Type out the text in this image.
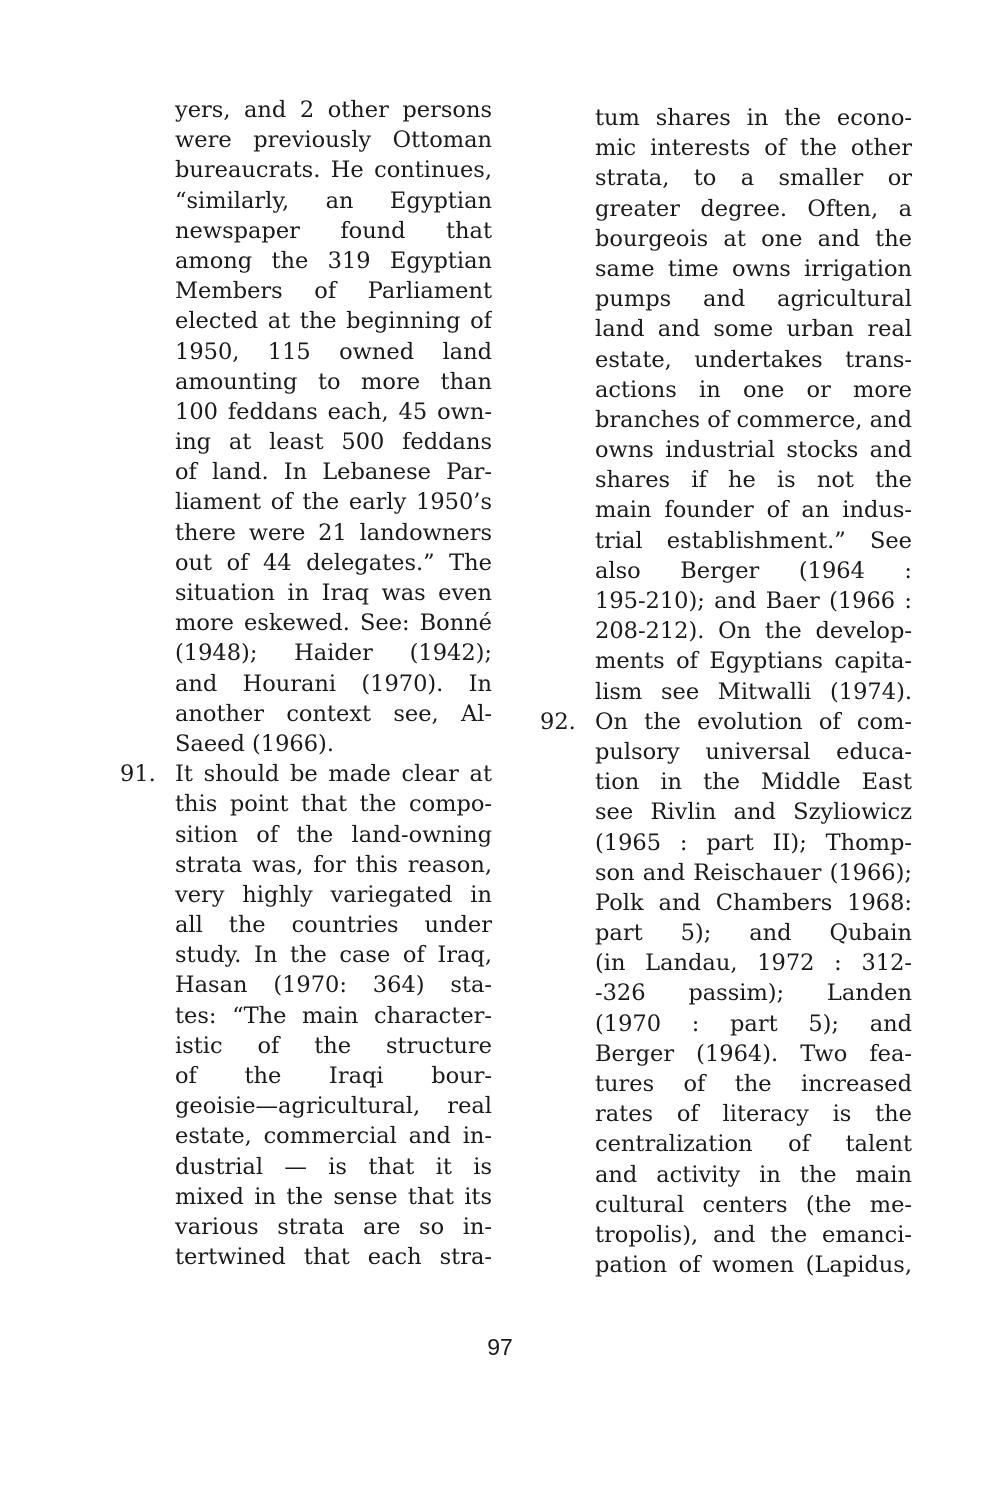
yers, and 2 other persons
were previously Ottoman
bureaucrats. He continues,
“similarly, an Egyptian
newspaper found that
among the 319 Egyptian
Members of Parliament
elected at the beginning of
1950, 115 owned land
amounting to more than
100 feddans each, 45 own-
ing at least 500 feddans
of land. In Lebanese Par-
liament of the early 1950’s
there were 21 landowners
out of 44 delegates.” The
situation in Iraq was even
more eskewed. See: Bonné
(1948); Haider (1942);
and Hourani (1970). In
another context see, Al-
Saeed (1966).
91. It should be made clear at
this point that the compo-
sition of the land-owning
strata was, for this reason,
very highly variegated in
all the countries under
study. In the case of Iraq,
Hasan (1970: 364) sta-
tes: “The main character-
istic of the structure
of the Iraqi bour-
geoisie—agricultural, real
estate, commercial and in-
dustrial — is that it is
mixed in the sense that its
various strata are so in-
tertwined that each stra-
tum shares in the econo-
mic interests of the other
strata, to a smaller or
greater degree. Often, a
bourgeois at one and the
same time owns irrigation
pumps and agricultural
land and some urban real
estate, undertakes trans-
actions in one or more
branches of commerce, and
owns industrial stocks and
shares if he is not the
main founder of an indus-
trial establishment.” See
also Berger (1964 :
195-210); and Baer (1966 :
208-212). On the develop-
ments of Egyptians capita-
lism see Mitwalli (1974).
92. On the evolution of com-
pulsory universal educa-
tion in the Middle East
see Rivlin and Szyliowicz
(1965 : part II); Thomp-
son and Reischauer (1966);
Polk and Chambers 1968:
part 5); and Qubain
(in Landau, 1972 : 312-
-326 passim); Landen
(1970 : part 5); and
Berger (1964). Two fea-
tures of the increased
rates of literacy is the
centralization of talent
and activity in the main
cultural centers (the me-
tropolis), and the emanci-
pation of women (Lapidus,
97
